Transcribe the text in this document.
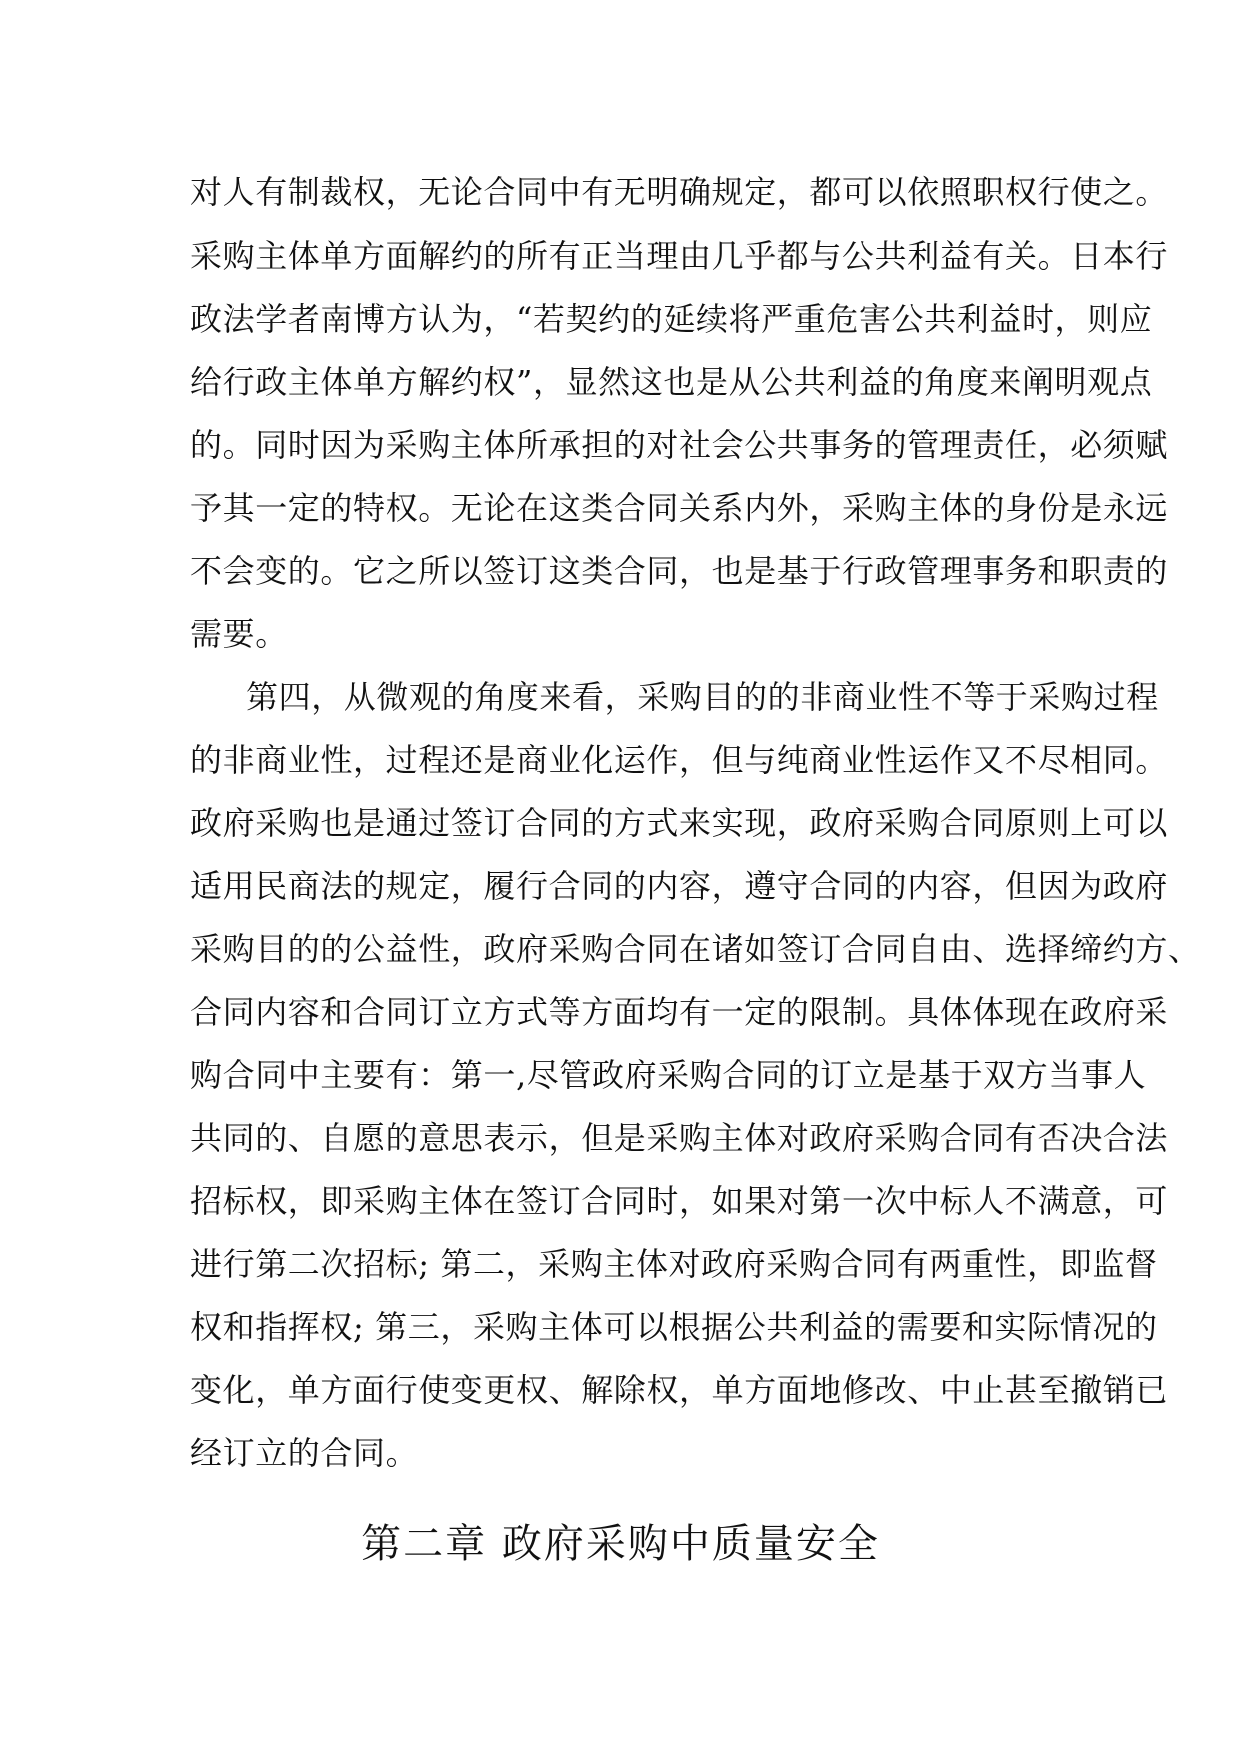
对人有制裁权，无论合同中有无明确规定，都可以依照职权行使之。
采购主体单方面解约的所有正当理由几乎都与公共利益有关。日本行
政法学者南博方认为，“若契约的延续将严重危害公共利益时，则应
给行政主体单方解约权”，显然这也是从公共利益的角度来阐明观点
的。同时因为采购主体所承担的对社会公共事务的管理责任，必须赋
予其一定的特权。无论在这类合同关系内外，采购主体的身份是永远
不会变的。它之所以签订这类合同，也是基于行政管理事务和职责的
需要。
第四，从微观的角度来看，采购目的的非商业性不等于采购过程
的非商业性，过程还是商业化运作，但与纯商业性运作又不尽相同。
政府采购也是通过签订合同的方式来实现，政府采购合同原则上可以
适用民商法的规定，履行合同的内容，遵守合同的内容，但因为政府
采购目的的公益性，政府采购合同在诸如签订合同自由、选择缔约方、
合同内容和合同订立方式等方面均有一定的限制。具体体现在政府采
购合同中主要有：第一,尽管政府采购合同的订立是基于双方当事人
共同的、自愿的意思表示，但是采购主体对政府采购合同有否决合法
招标权，即采购主体在签订合同时，如果对第一次中标人不满意，可
进行第二次招标; 第二，采购主体对政府采购合同有两重性，即监督
权和指挥权; 第三，采购主体可以根据公共利益的需要和实际情况的
变化，单方面行使变更权、解除权，单方面地修改、中止甚至撤销已
经订立的合同。
第二章 政府采购中质量安全
